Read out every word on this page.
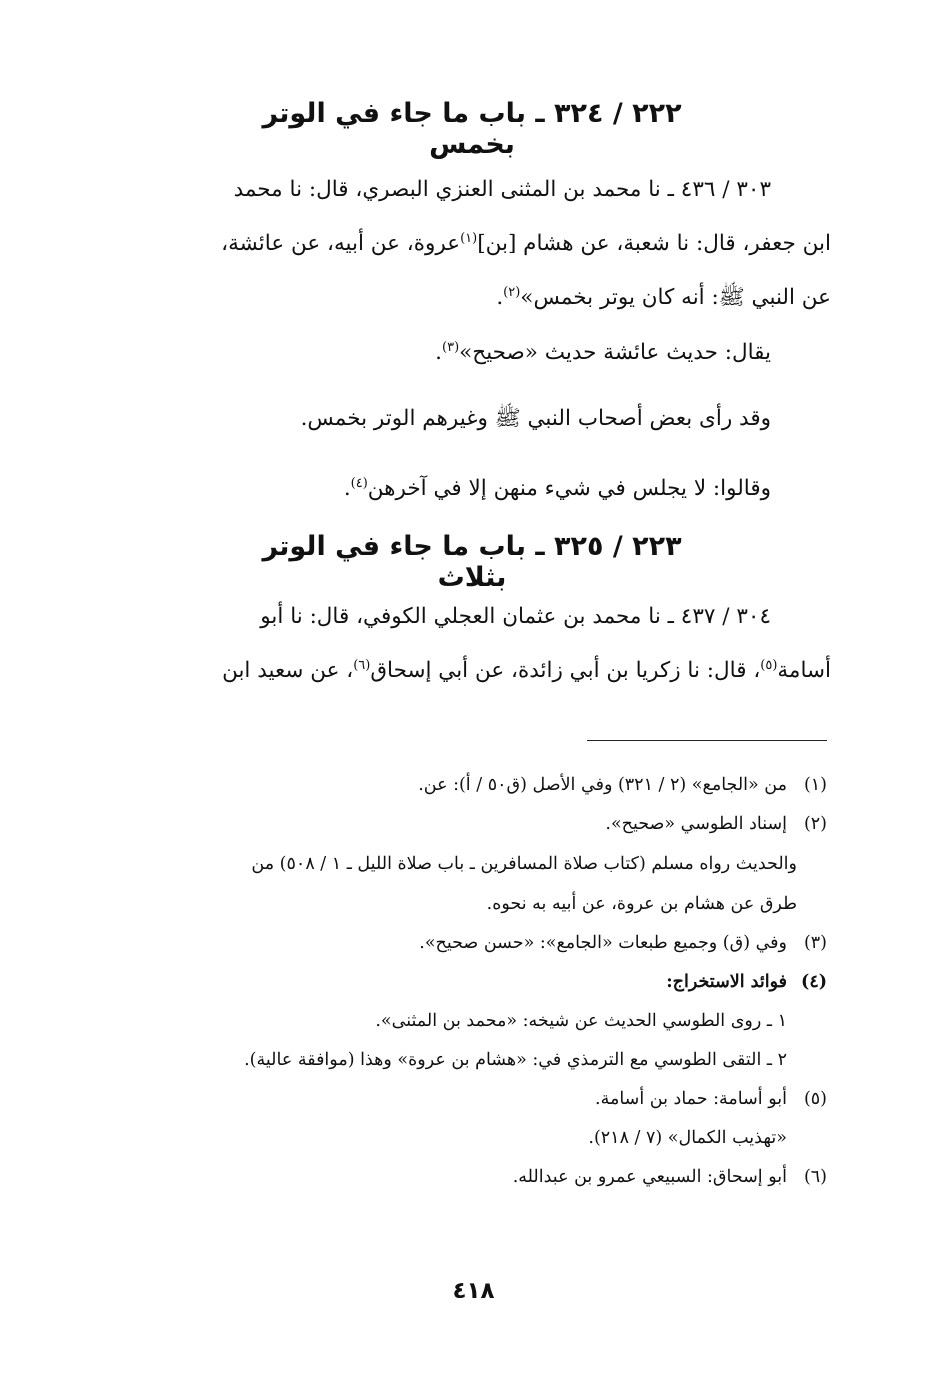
٢٢٢ / ٣٢٤ ـ باب ما جاء في الوتر بخمس
٣٠٣ / ٤٣٦ ـ نا محمد بن المثنى العنزي البصري، قال: نا محمد
ابن جعفر، قال: نا شعبة، عن هشام [بن]$^{(١)}$عروة، عن أبيه، عن عائشة،
عن النبي ﷺ: أنه كان يوتر بخمس»$^{(٢)}$.
يقال: حديث عائشة حديث «صحيح»$^{(٣)}$.
وقد رأى بعض أصحاب النبي ﷺ وغيرهم الوتر بخمس.
وقالوا: لا يجلس في شيء منهن إلا في آخرهن$^{(٤)}$.
٢٢٣ / ٣٢٥ ـ باب ما جاء في الوتر بثلاث
٣٠٤ / ٤٣٧ ـ نا محمد بن عثمان العجلي الكوفي، قال: نا أبو
أسامة$^{(٥)}$، قال: نا زكريا بن أبي زائدة، عن أبي إسحاق$^{(٦)}$، عن سعيد ابن

(١)من «الجامع» (٢ / ٣٢١) وفي الأصل (ق٥٠ / أ): عن.

(٢)إسناد الطوسي «صحيح».

والحديث رواه مسلم (كتاب صلاة المسافرين ـ باب صلاة الليل ـ ١ / ٥٠٨) من
طرق عن هشام بن عروة، عن أبيه به نحوه.

(٣)وفي (ق) وجميع طبعات «الجامع»: «حسن صحيح».

(٤)فوائد الاستخراج:

١ ـ روى الطوسي الحديث عن شيخه: «محمد بن المثنى».

٢ ـ التقى الطوسي مع الترمذي في: «هشام بن عروة» وهذا (موافقة عالية).

(٥)أبو أسامة: حماد بن أسامة.

«تهذيب الكمال» (٧ / ٢١٨).

(٦)أبو إسحاق: السبيعي عمرو بن عبدالله.

٤١٨
